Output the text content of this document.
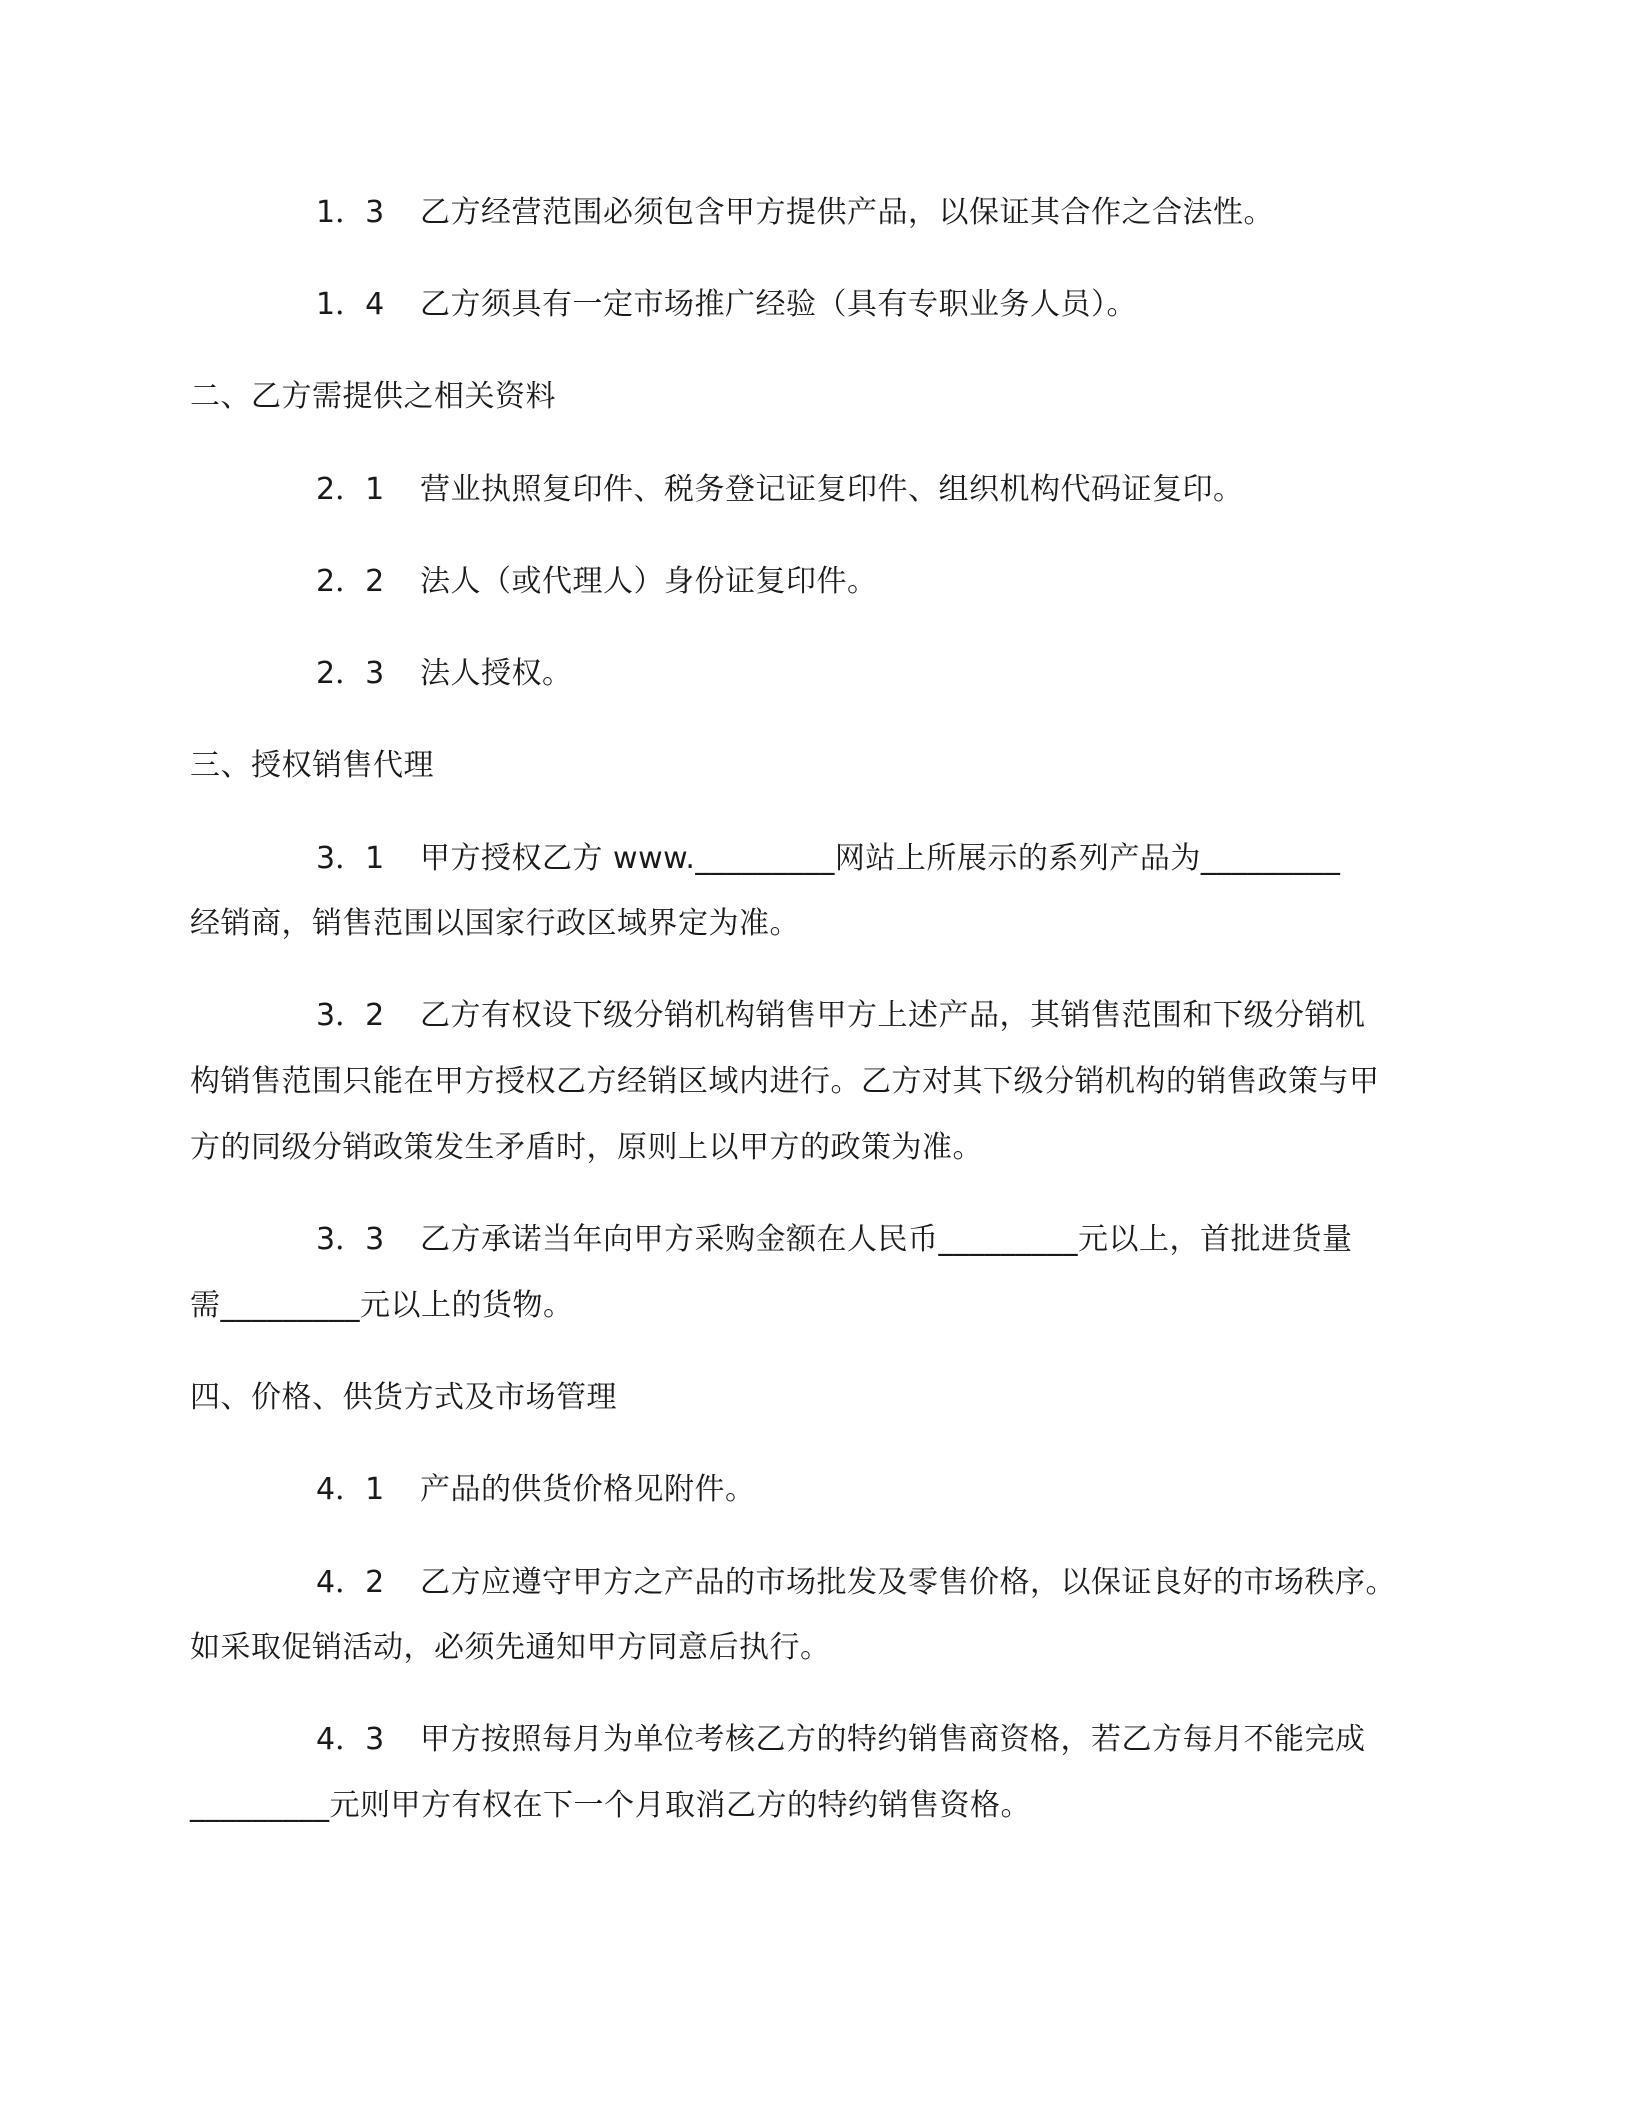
1．3 乙方经营范围必须包含甲方提供产品，以保证其合作之合法性。
1．4 乙方须具有一定市场推广经验（具有专职业务人员）。
二、乙方需提供之相关资料
2．1 营业执照复印件、税务登记证复印件、组织机构代码证复印。
2．2 法人（或代理人）身份证复印件。
2．3 法人授权。
三、授权销售代理
3．1 甲方授权乙方 www._________网站上所展示的系列产品为_________
经销商，销售范围以国家行政区域界定为准。
3．2 乙方有权设下级分销机构销售甲方上述产品，其销售范围和下级分销机
构销售范围只能在甲方授权乙方经销区域内进行。乙方对其下级分销机构的销售政策与甲
方的同级分销政策发生矛盾时，原则上以甲方的政策为准。
3．3 乙方承诺当年向甲方采购金额在人民币_________元以上，首批进货量
需_________元以上的货物。
四、价格、供货方式及市场管理
4．1 产品的供货价格见附件。
4．2 乙方应遵守甲方之产品的市场批发及零售价格，以保证良好的市场秩序。
如采取促销活动，必须先通知甲方同意后执行。
4．3 甲方按照每月为单位考核乙方的特约销售商资格，若乙方每月不能完成
_________元则甲方有权在下一个月取消乙方的特约销售资格。
